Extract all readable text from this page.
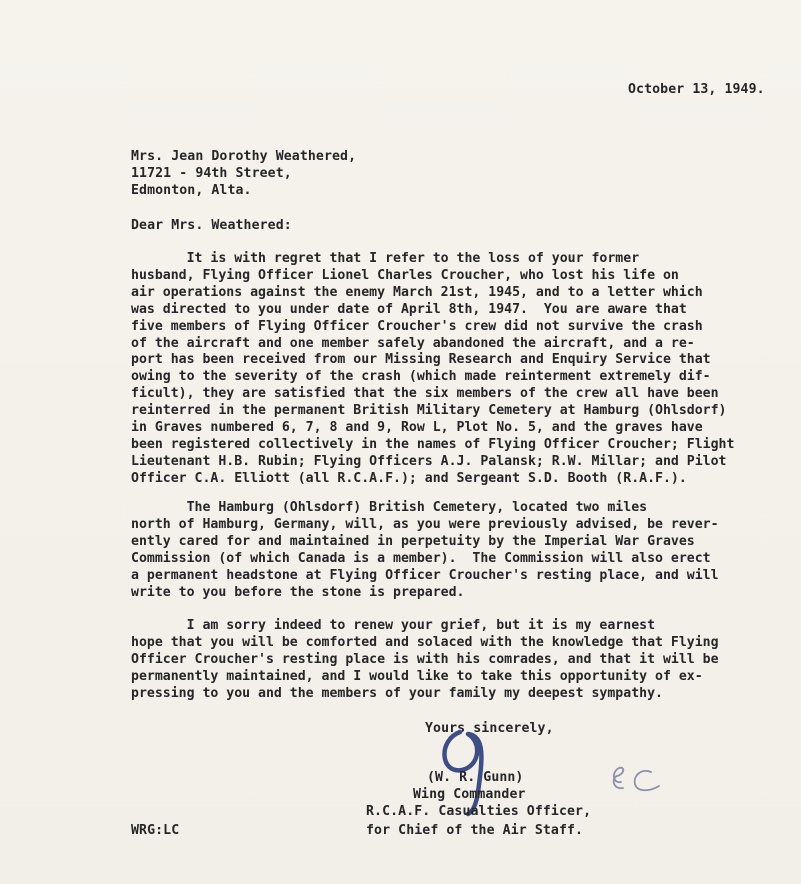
October 13, 1949.
Mrs. Jean Dorothy Weathered,
11721 - 94th Street,
Edmonton, Alta.
Dear Mrs. Weathered:
It is with regret that I refer to the loss of your former
husband, Flying Officer Lionel Charles Croucher, who lost his life on
air operations against the enemy March 21st, 1945, and to a letter which
was directed to you under date of April 8th, 1947.  You are aware that
five members of Flying Officer Croucher's crew did not survive the crash
of the aircraft and one member safely abandoned the aircraft, and a re-
port has been received from our Missing Research and Enquiry Service that
owing to the severity of the crash (which made reinterment extremely dif-
ficult), they are satisfied that the six members of the crew all have been
reinterred in the permanent British Military Cemetery at Hamburg (Ohlsdorf)
in Graves numbered 6, 7, 8 and 9, Row L, Plot No. 5, and the graves have
been registered collectively in the names of Flying Officer Croucher; Flight
Lieutenant H.B. Rubin; Flying Officers A.J. Palansk; R.W. Millar; and Pilot
Officer C.A. Elliott (all R.C.A.F.); and Sergeant S.D. Booth (R.A.F.).
The Hamburg (Ohlsdorf) British Cemetery, located two miles
north of Hamburg, Germany, will, as you were previously advised, be rever-
ently cared for and maintained in perpetuity by the Imperial War Graves
Commission (of which Canada is a member).  The Commission will also erect
a permanent headstone at Flying Officer Croucher's resting place, and will
write to you before the stone is prepared.
I am sorry indeed to renew your grief, but it is my earnest
hope that you will be comforted and solaced with the knowledge that Flying
Officer Croucher's resting place is with his comrades, and that it will be
permanently maintained, and I would like to take this opportunity of ex-
pressing to you and the members of your family my deepest sympathy.
Yours sincerely,
(W. R. Gunn)
Wing Commander
R.C.A.F. Casualties Officer,
for Chief of the Air Staff.
WRG:LC
